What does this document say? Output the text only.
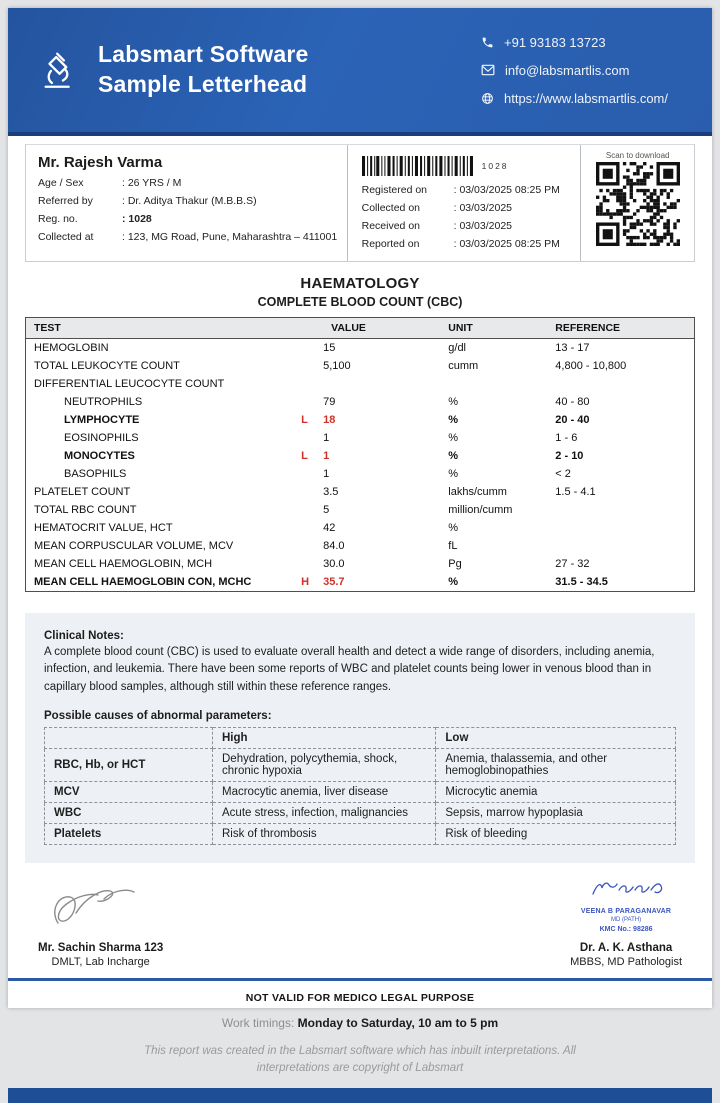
Labsmart Software
Sample Letterhead
+91 93183 13723
info@labsmartlis.com
https://www.labsmartlis.com/
Mr. Rajesh Varma
Age / Sex	: 26 YRS / M
Referred by	: Dr. Aditya Thakur (M.B.B.S)
Reg. no.	: 1028
Collected at	: 123, MG Road, Pune, Maharashtra – 411001
1028
Registered on	: 03/03/2025 08:25 PM
Collected on	: 03/03/2025
Received on	: 03/03/2025
Reported on	: 03/03/2025 08:25 PM
Scan to download
HAEMATOLOGY
COMPLETE BLOOD COUNT (CBC)
TEST	VALUE	UNIT	REFERENCE
HEMOGLOBIN	15	g/dl	13 - 17
TOTAL LEUKOCYTE COUNT	5,100	cumm	4,800 - 10,800
DIFFERENTIAL LEUCOCYTE COUNT			
NEUTROPHILS	79	%	40 - 80
LYMPHOCYTE	L 18	%	20 - 40
EOSINOPHILS	1	%	1 - 6
MONOCYTES	L 1	%	2 - 10
BASOPHILS	1	%	< 2
PLATELET COUNT	3.5	lakhs/cumm	1.5 - 4.1
TOTAL RBC COUNT	5	million/cumm	
HEMATOCRIT VALUE, HCT	42	%	
MEAN CORPUSCULAR VOLUME, MCV	84.0	fL	
MEAN CELL HAEMOGLOBIN, MCH	30.0	Pg	27 - 32
MEAN CELL HAEMOGLOBIN CON, MCHC	H 35.7	%	31.5 - 34.5
Clinical Notes:

A complete blood count (CBC) is used to evaluate overall health and detect a wide range of disorders, including anemia, infection, and leukemia. There have been some reports of WBC and platelet counts being lower in venous blood than in capillary blood samples, although still within these reference ranges.

Possible causes of abnormal parameters:
	High	Low
RBC, Hb, or HCT	Dehydration, polycythemia, shock, chronic hypoxia	Anemia, thalassemia, and other hemoglobinopathies
MCV	Macrocytic anemia, liver disease	Microcytic anemia
WBC	Acute stress, infection, malignancies	Sepsis, marrow hypoplasia
Platelets	Risk of thrombosis	Risk of bleeding
Mr. Sachin Sharma 123
DMLT, Lab Incharge
VEENA B PARAGANAVAR
MD (PATH)
KMC No.: 98286
Dr. A. K. Asthana
MBBS, MD Pathologist
NOT VALID FOR MEDICO LEGAL PURPOSE
Work timings: Monday to Saturday, 10 am to 5 pm

This report was created in the Labsmart software which has inbuilt interpretations. All interpretations are copyright of Labsmart
